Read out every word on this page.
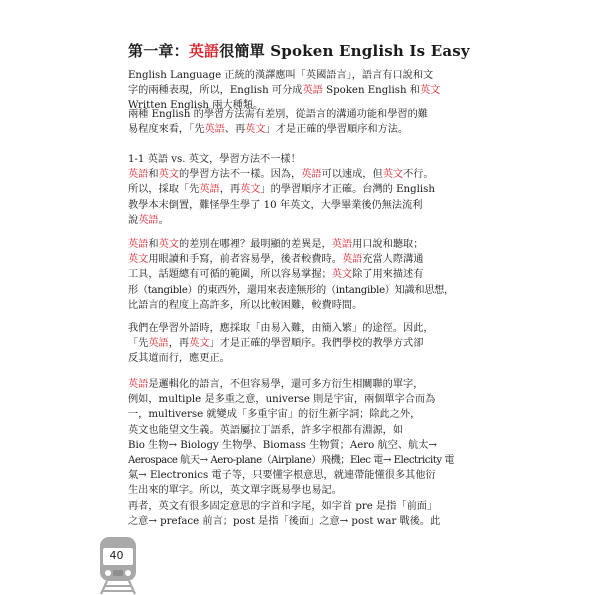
第一章：英語很簡單 Spoken English Is Easy
English Language 正統的漢譯應叫「英國語言」，語言有口說和文
字的兩種表現，所以，English 可分成英語 Spoken English 和英文
Written English 兩大種類。
兩種 English 的學習方法需有差別，從語言的溝通功能和學習的難
易程度來看，「先英語、再英文」才是正確的學習順序和方法。
1-1 英語 vs. 英文，學習方法不一樣！
英語和英文的學習方法不一樣。因為，英語可以速成，但英文不行。
所以，採取「先英語，再英文」的學習順序才正確。台灣的 English
教學本末倒置，難怪學生學了 10 年英文，大學畢業後仍無法流利
說英語。
英語和英文的差別在哪裡？最明顯的差異是，英語用口說和聽取；
英文用眼讀和手寫，前者容易學，後者較費時。英語充當人際溝通
工具，話題總有可循的範圍，所以容易掌握；英文除了用來描述有
形（tangible）的東西外，還用來表達無形的（intangible）知識和思想，
比語言的程度上高許多，所以比較困難，較費時間。
我們在學習外語時，應採取「由易入難，由簡入繁」的途徑。因此，
「先英語，再英文」才是正確的學習順序。我們學校的教學方式卻
反其道而行，應更正。
英語是邏輯化的語言，不但容易學，還可多方衍生相關聯的單字，
例如，multiple 是多重之意，universe 則是宇宙，兩個單字合而為
一，multiverse 就變成「多重宇宙」的衍生新字詞；除此之外，
英文也能望文生義。英語屬拉丁語系，許多字根都有淵源，如
Bio 生物→ Biology 生物學、Biomass 生物質；Aero 航空、航太→
Aerospace 航天→ Aero-plane（Airplane）飛機；Elec 電→ Electricity 電
氣→ Electronics 電子等，只要懂字根意思，就連帶能懂很多其他衍
生出來的單字。所以，英文單字既易學也易記。
再者，英文有很多固定意思的字首和字尾，如字首 pre 是指「前面」
之意→ preface 前言；post 是指「後面」之意→ post war 戰後。此
40
